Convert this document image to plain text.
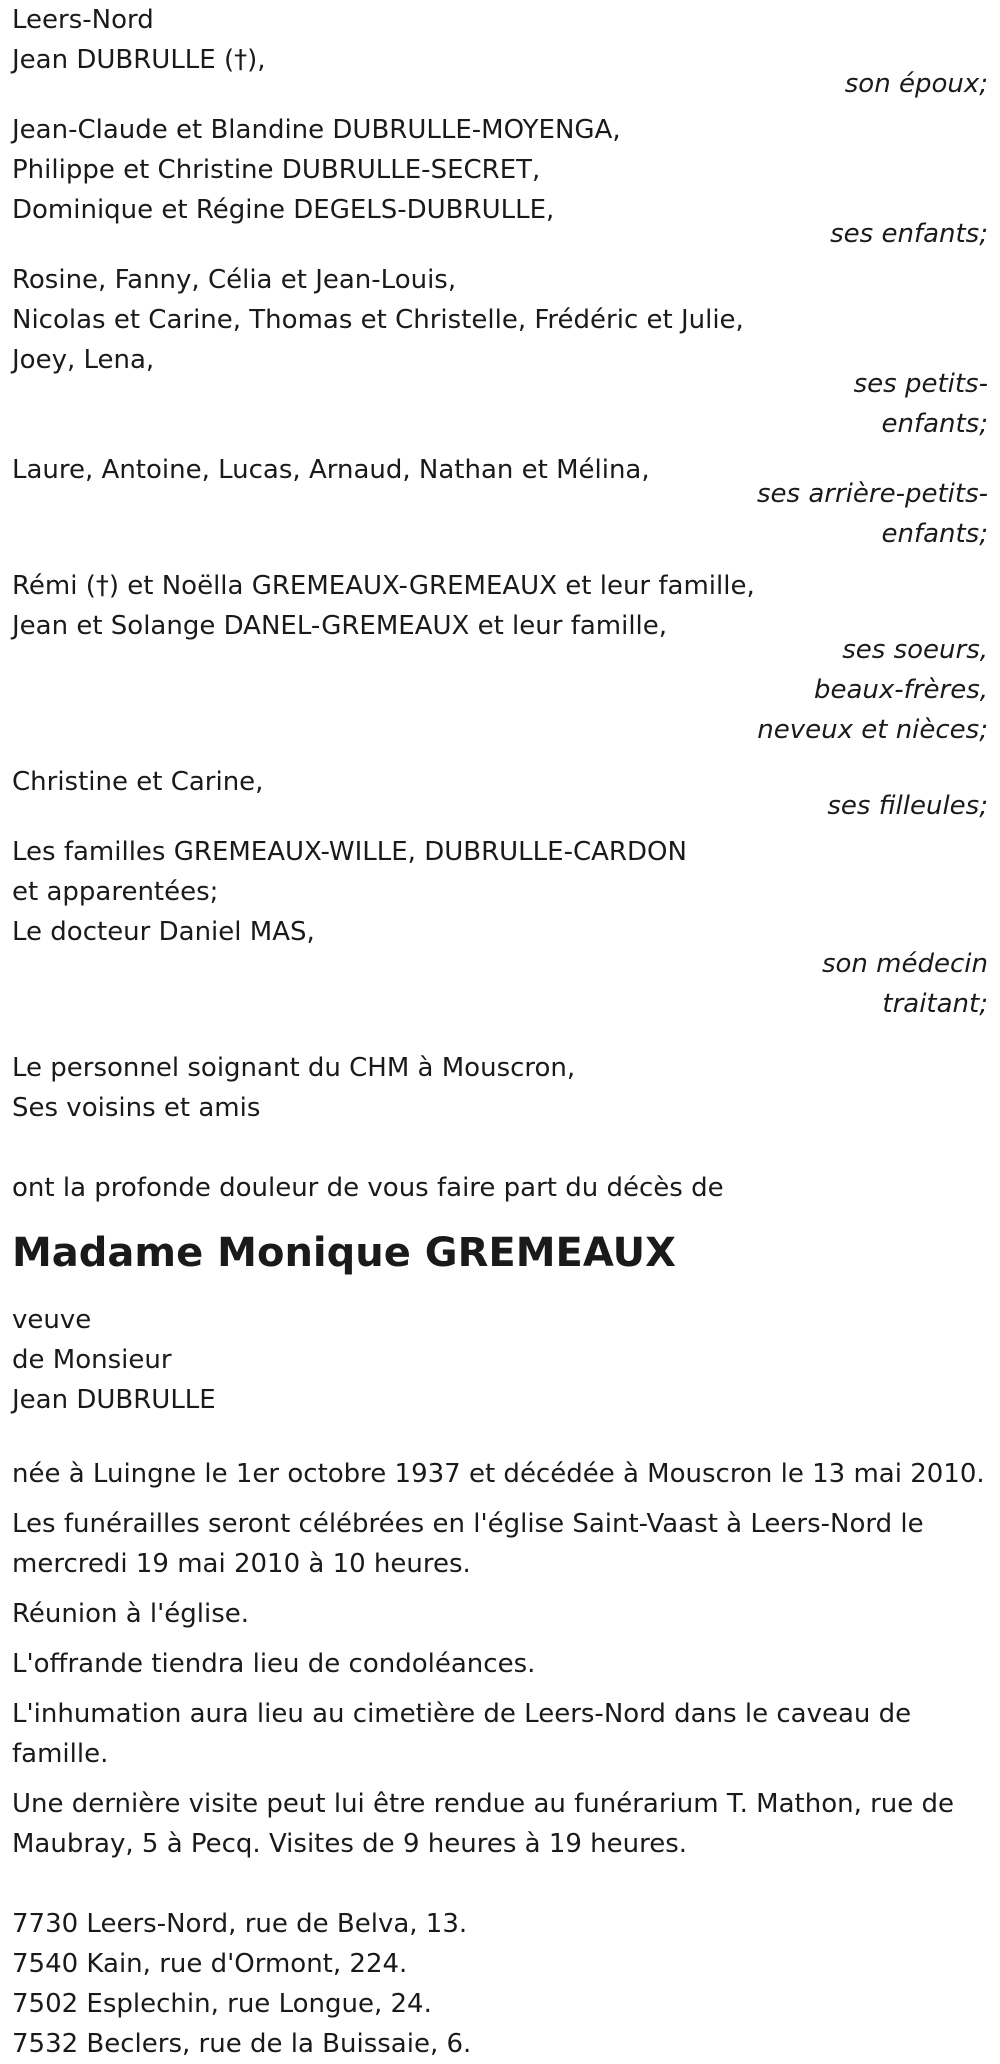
Leers-Nord
Jean DUBRULLE (†),
son époux;
Jean-Claude et Blandine DUBRULLE-MOYENGA,
Philippe et Christine DUBRULLE-SECRET,
Dominique et Régine DEGELS-DUBRULLE,
ses enfants;
Rosine, Fanny, Célia et Jean-Louis,
Nicolas et Carine, Thomas et Christelle, Frédéric et Julie,
Joey, Lena,
ses petits-enfants;
Laure, Antoine, Lucas, Arnaud, Nathan et Mélina,
ses arrière-petits-enfants;
Rémi (†) et Noëlla GREMEAUX-GREMEAUX et leur famille,
Jean et Solange DANEL-GREMEAUX et leur famille,
ses soeurs, beaux-frères, neveux et nièces;
Christine et Carine,
ses filleules;
Les familles GREMEAUX-WILLE, DUBRULLE-CARDON
et apparentées;
Le docteur Daniel MAS,
son médecin traitant;
Le personnel soignant du CHM à Mouscron,
Ses voisins et amis
ont la profonde douleur de vous faire part du décès de
Madame Monique GREMEAUX
veuve
de Monsieur
Jean DUBRULLE
née à Luingne le 1er octobre 1937 et décédée à Mouscron le 13 mai 2010.
Les funérailles seront célébrées en l'église Saint-Vaast à Leers-Nord le mercredi 19 mai 2010 à 10 heures.
Réunion à l'église.
L'offrande tiendra lieu de condoléances.
L'inhumation aura lieu au cimetière de Leers-Nord dans le caveau de famille.
Une dernière visite peut lui être rendue au funérarium T. Mathon, rue de Maubray, 5 à Pecq. Visites de 9 heures à 19 heures.
7730 Leers-Nord, rue de Belva, 13.
7540 Kain, rue d'Ormont, 224.
7502 Esplechin, rue Longue, 24.
7532 Beclers, rue de la Buissaie, 6.
